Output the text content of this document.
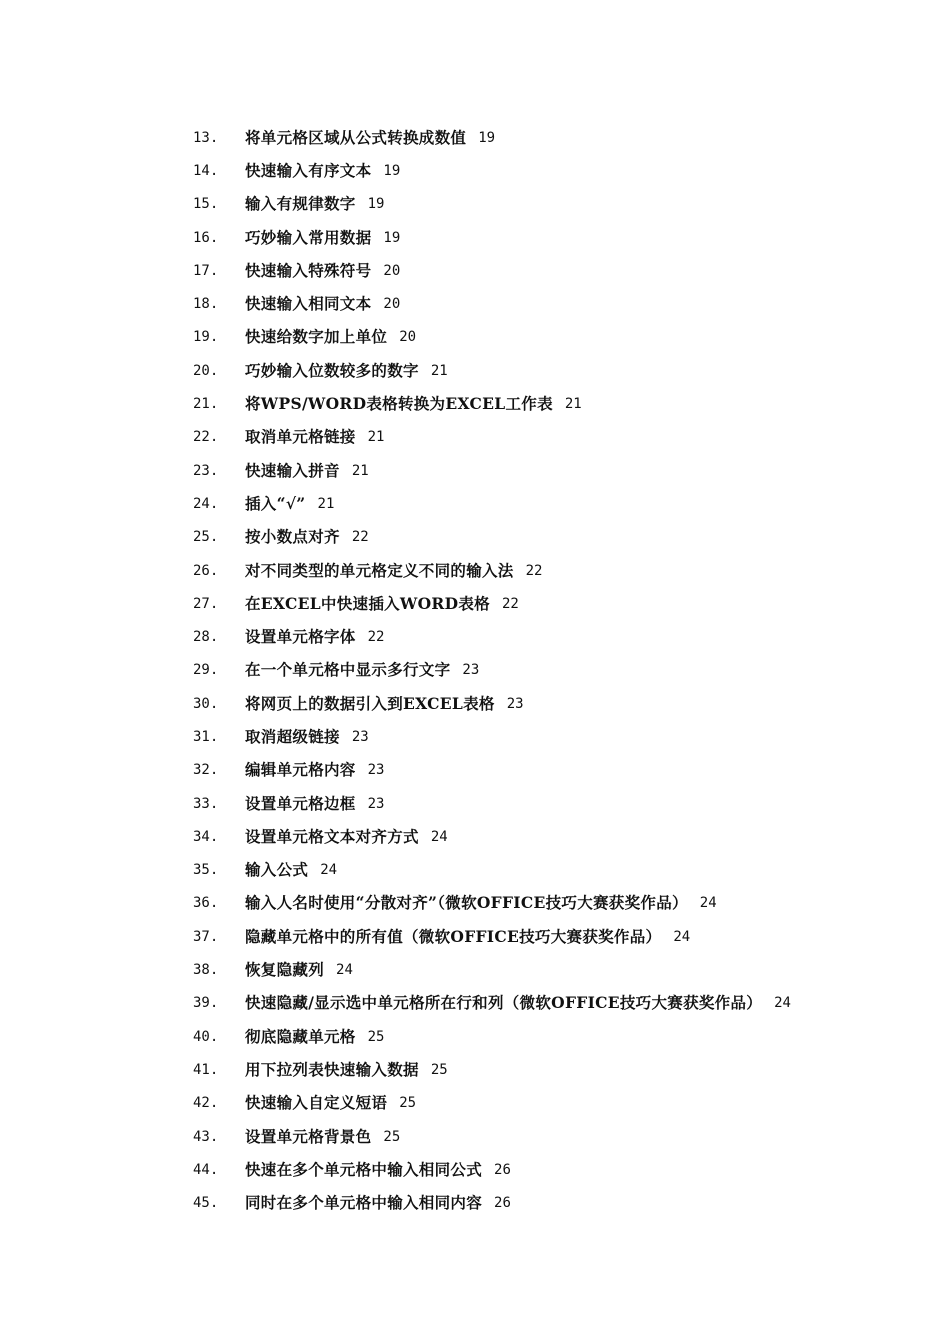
13.	将单元格区域从公式转换成数值 19
14.	快速输入有序文本 19
15.	输入有规律数字 19
16.	巧妙输入常用数据 19
17.	快速输入特殊符号 20
18.	快速输入相同文本 20
19.	快速给数字加上单位 20
20.	巧妙输入位数较多的数字 21
21.	将WPS/WORD表格转换为EXCEL工作表 21
22.	取消单元格链接 21
23.	快速输入拼音 21
24.	插入“√” 21
25.	按小数点对齐 22
26.	对不同类型的单元格定义不同的输入法 22
27.	在EXCEL中快速插入WORD表格 22
28.	设置单元格字体 22
29.	在一个单元格中显示多行文字 23
30.	将网页上的数据引入到EXCEL表格 23
31.	取消超级链接 23
32.	编辑单元格内容 23
33.	设置单元格边框 23
34.	设置单元格文本对齐方式 24
35.	输入公式 24
36.	输入人名时使用“分散对齐”（微软OFFICE技巧大赛获奖作品） 24
37.	隐藏单元格中的所有值（微软OFFICE技巧大赛获奖作品） 24
38.	恢复隐藏列 24
39.	快速隐藏/显示选中单元格所在行和列（微软OFFICE技巧大赛获奖作品） 24
40.	彻底隐藏单元格 25
41.	用下拉列表快速输入数据 25
42.	快速输入自定义短语 25
43.	设置单元格背景色 25
44.	快速在多个单元格中输入相同公式 26
45.	同时在多个单元格中输入相同内容 26
